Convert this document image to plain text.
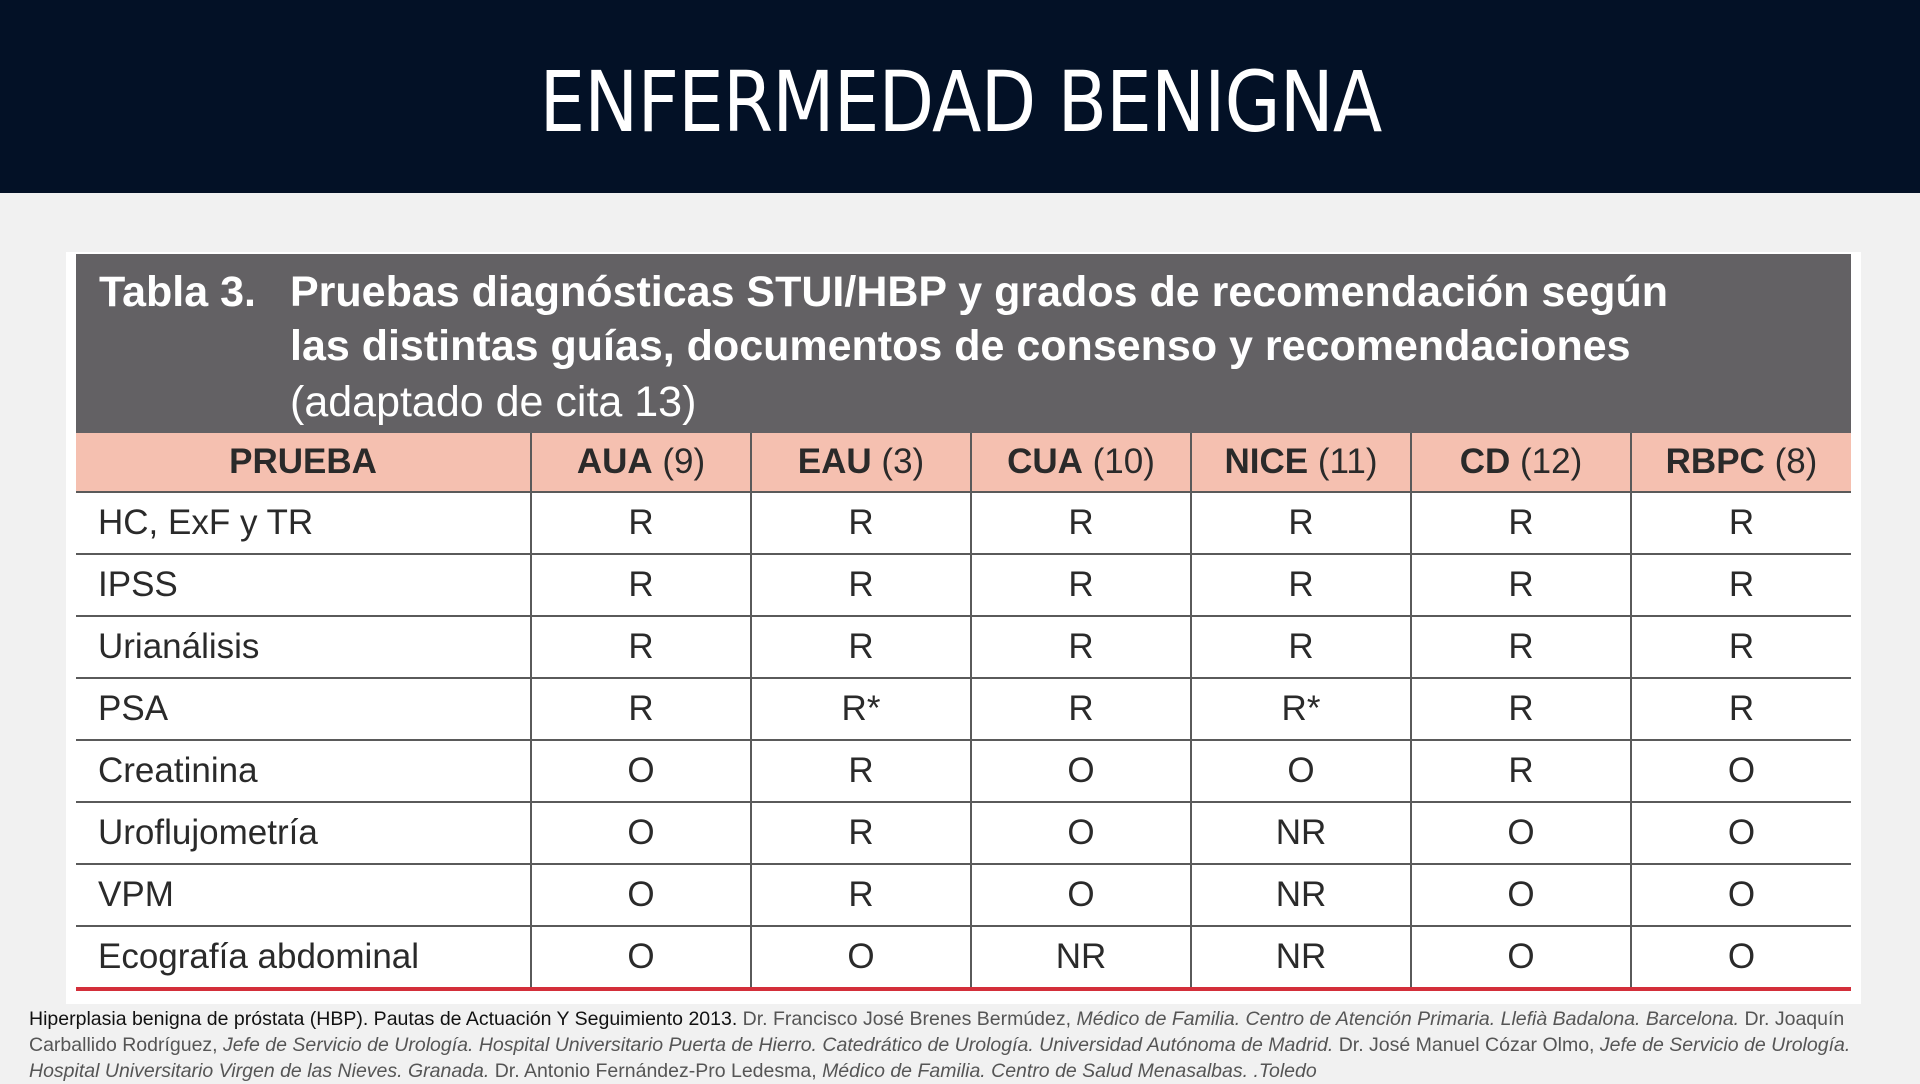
ENFERMEDAD BENIGNA
Tabla 3. Pruebas diagnósticas STUI/HBP y grados de recomendación según
las distintas guías, documentos de consenso y recomendaciones
(adaptado de cita 13)
PRUEBA	AUA (9)	EAU (3)	CUA (10)	NICE (11)	CD (12)	RBPC (8)
HC, ExF y TR	R	R	R	R	R	R
IPSS	R	R	R	R	R	R
Urianálisis	R	R	R	R	R	R
PSA	R	R*	R	R*	R	R
Creatinina	O	R	O	O	R	O
Uroflujometría	O	R	O	NR	O	O
VPM	O	R	O	NR	O	O
Ecografía abdominal	O	O	NR	NR	O	O
Hiperplasia benigna de próstata (HBP). Pautas de Actuación Y Seguimiento 2013. Dr. Francisco José Brenes Bermúdez, Médico de Familia. Centro de Atención Primaria. Llefià Badalona. Barcelona. Dr. Joaquín Carballido Rodríguez, Jefe de Servicio de Urología. Hospital Universitario Puerta de Hierro. Catedrático de Urología. Universidad Autónoma de Madrid. Dr. José Manuel Cózar Olmo, Jefe de Servicio de Urología. Hospital Universitario Virgen de las Nieves. Granada. Dr. Antonio Fernández-Pro Ledesma, Médico de Familia. Centro de Salud Menasalbas. .Toledo
